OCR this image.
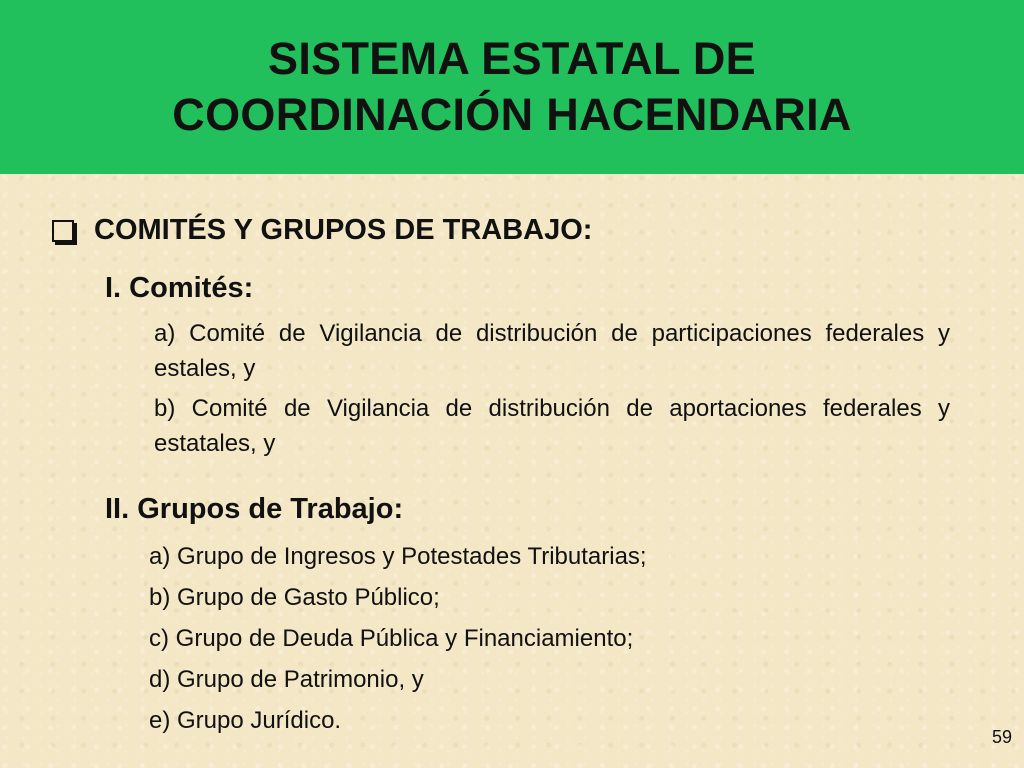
SISTEMA ESTATAL DE
COORDINACIÓN HACENDARIA
COMITÉS Y GRUPOS DE TRABAJO:
I. Comités:
a) Comité de Vigilancia de distribución de participaciones federales y estales, y
b) Comité de Vigilancia de distribución de aportaciones federales y estatales, y
II. Grupos de Trabajo:
a) Grupo de Ingresos y Potestades Tributarias;
b) Grupo de Gasto Público;
c) Grupo de Deuda Pública y Financiamiento;
d) Grupo de Patrimonio, y
e) Grupo Jurídico.
59
